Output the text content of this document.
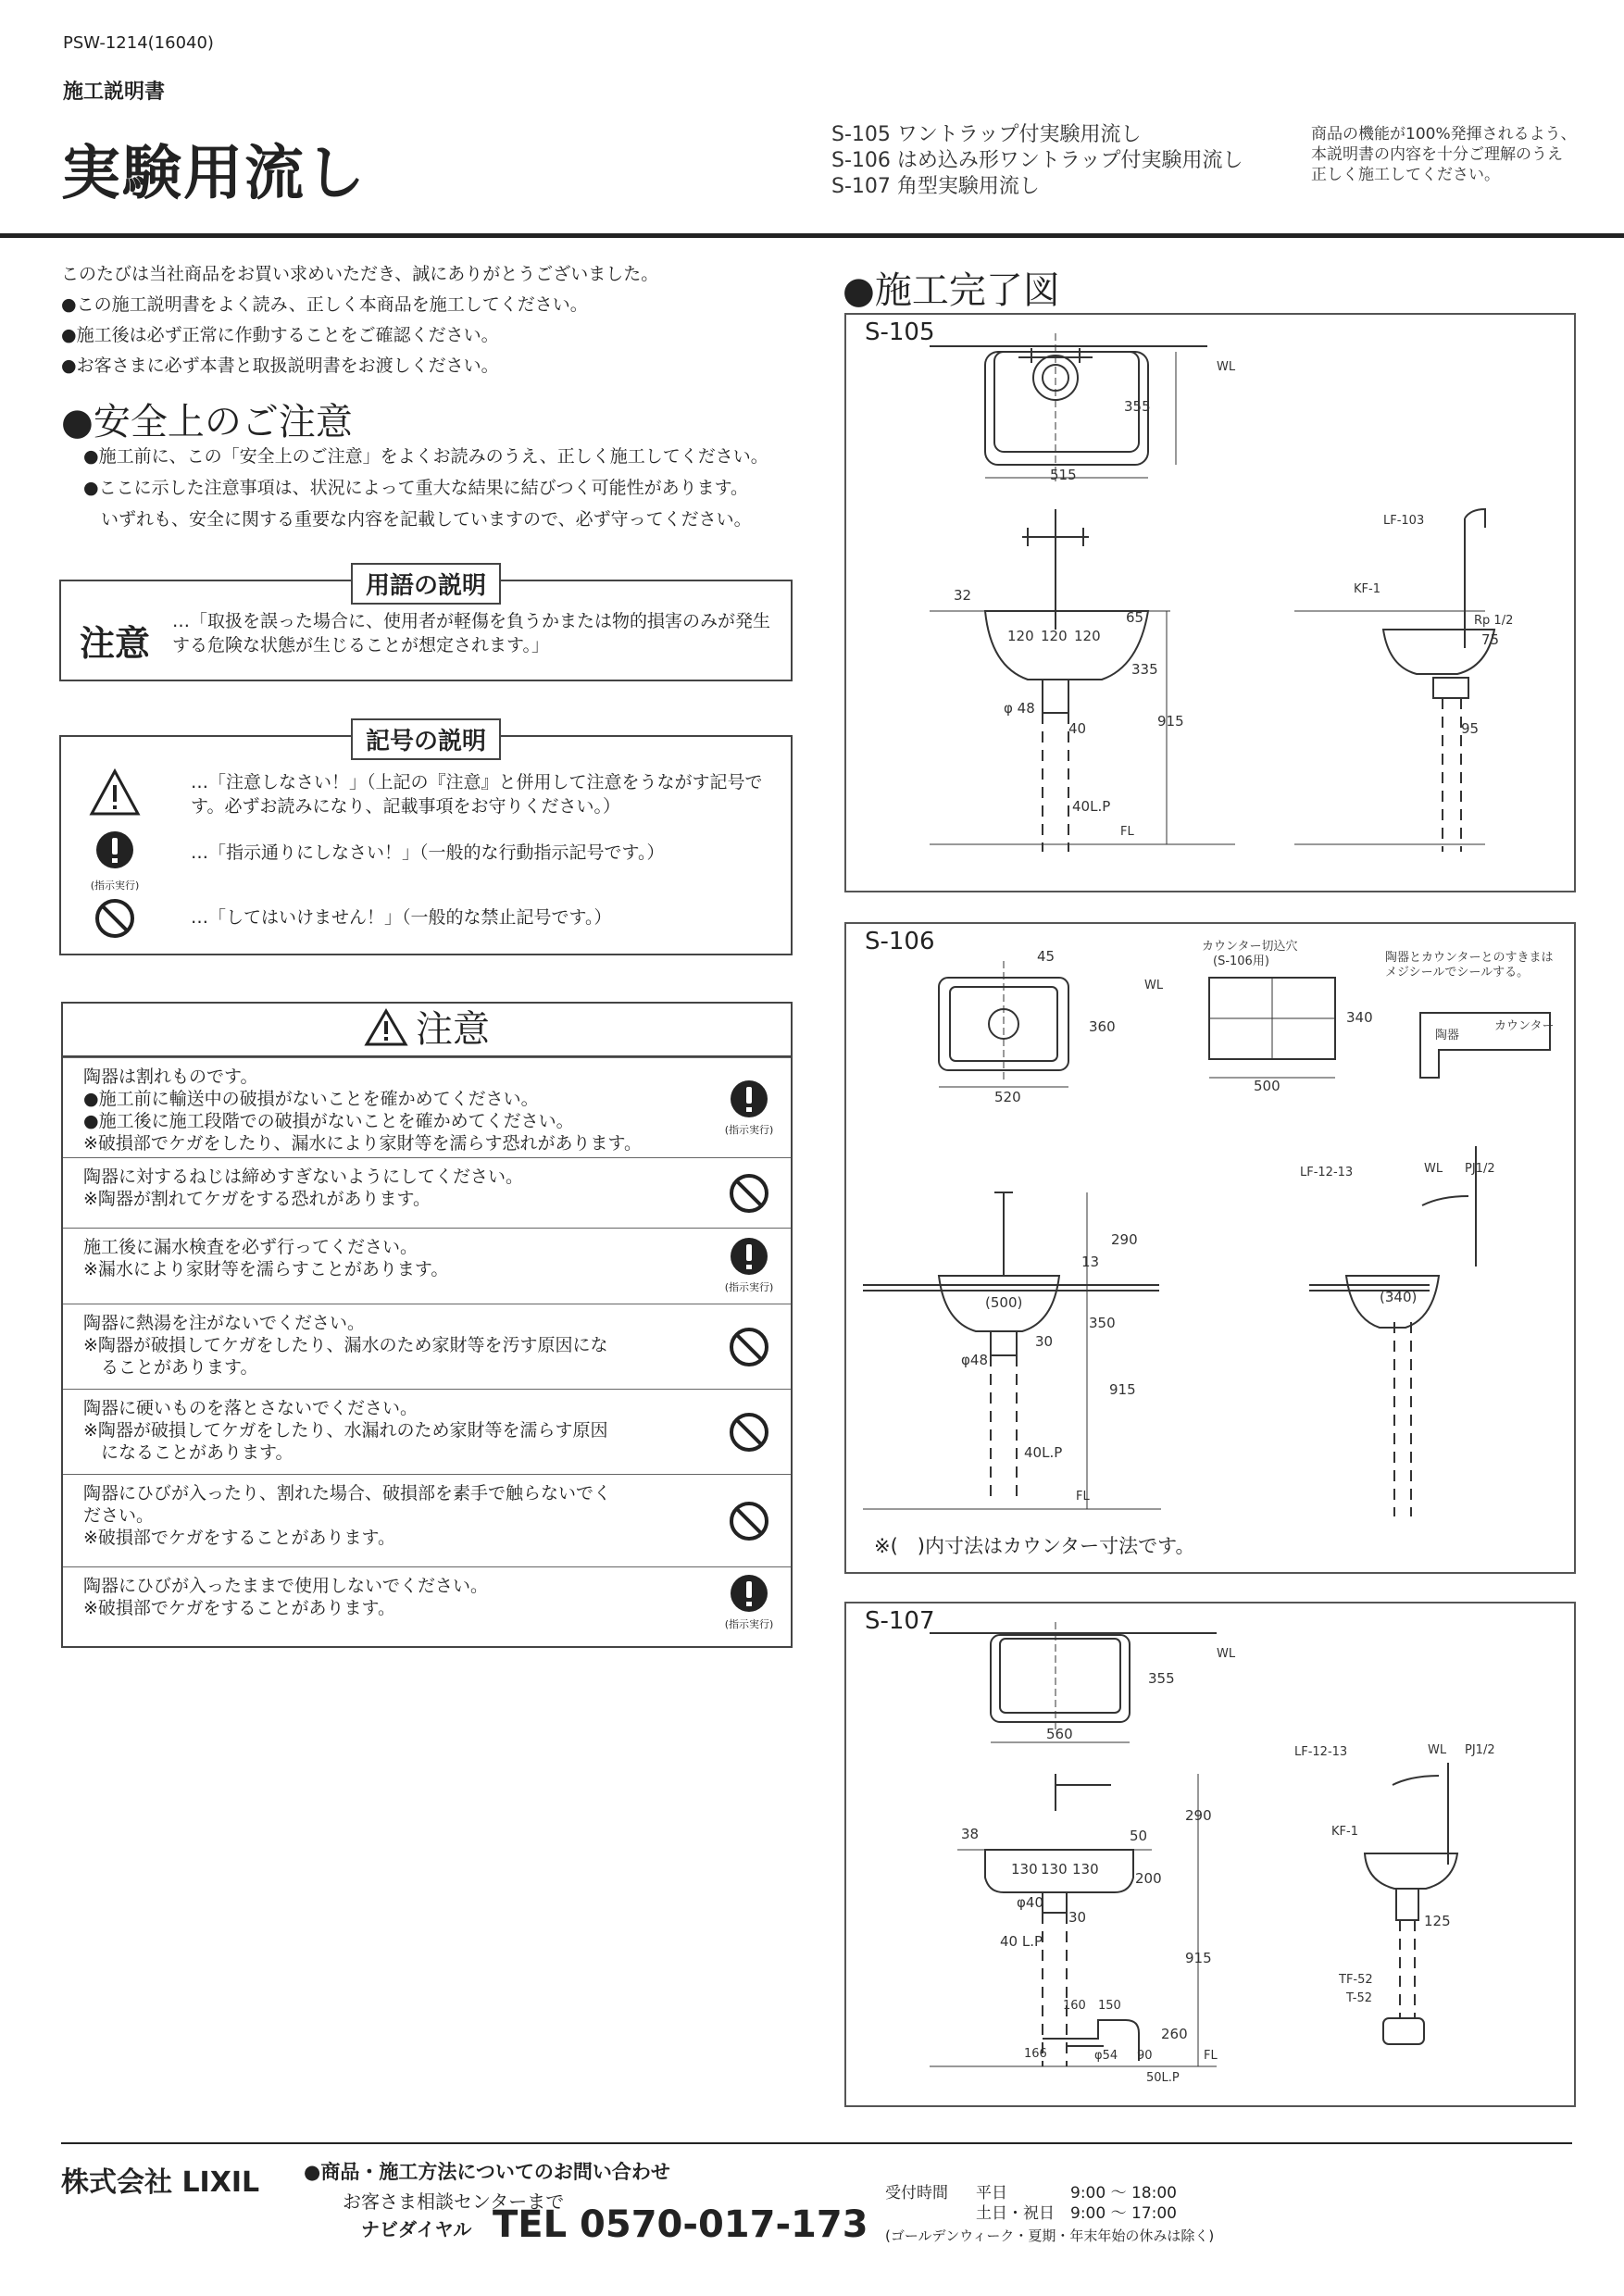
PSW-1214(16040)
施工説明書
実験用流し
S-105 ワントラップ付実験用流し
S-106 はめ込み形ワントラップ付実験用流し
S-107 角型実験用流し
商品の機能が100%発揮されるよう、
本説明書の内容を十分ご理解のうえ
正しく施工してください。
このたびは当社商品をお買い求めいただき、誠にありがとうございました。
●この施工説明書をよく読み、正しく本商品を施工してください。
●施工後は必ず正常に作動することをご確認ください。
●お客さまに必ず本書と取扱説明書をお渡しください。
●安全上のご注意
●施工前に、この「安全上のご注意」をよくお読みのうえ、正しく施工してください。
●ここに示した注意事項は、状況によって重大な結果に結びつく可能性があります。
　いずれも、安全に関する重要な内容を記載していますので、必ず守ってください。
用語の説明
注意
…「取扱を誤った場合に、使用者が軽傷を負うかまたは物的損害のみが発生する危険な状態が生じることが想定されます。」
記号の説明
…「注意しなさい！」（上記の『注意』と併用して注意をうながす記号です。必ずお読みになり、記載事項をお守りください。）
(指示実行)
…「指示通りにしなさい！」（一般的な行動指示記号です。）
…「してはいけません！」（一般的な禁止記号です。）
注意
陶器は割れものです。
●施工前に輸送中の破損がないことを確かめてください。
●施工後に施工段階での破損がないことを確かめてください。
※破損部でケガをしたり、漏水により家財等を濡らす恐れがあります。
(指示実行)
陶器に対するねじは締めすぎないようにしてください。
※陶器が割れてケガをする恐れがあります。
施工後に漏水検査を必ず行ってください。
※漏水により家財等を濡らすことがあります。
(指示実行)
陶器に熱湯を注がないでください。
※陶器が破損してケガをしたり、漏水のため家財等を汚す原因にな
　ることがあります。
陶器に硬いものを落とさないでください。
※陶器が破損してケガをしたり、水漏れのため家財等を濡らす原因
　になることがあります。
陶器にひびが入ったり、割れた場合、破損部を素手で触らないでく
ださい。
※破損部でケガをすることがあります。
陶器にひびが入ったままで使用しないでください。
※破損部でケガをすることがあります。
(指示実行)
●施工完了図
S-105
515
355
WL
32
65
120 120 120
335
915
φ 48
40
40L.P
FL
LF-103
KF-1
Rp 1/2
75
95
S-106
45
WL
360
520
カウンター切込穴
(S-106用)
340
500
陶器とカウンターとのすきまは
メジシールでシールする。
陶器
カウンター
290
13
(500)
350
30
φ48
915
40L.P
FL
LF-12-13	WL PJ1/2
(340)
※(　)内寸法はカウンター寸法です。
S-107
355
WL
560
290
38	50
130 130 130
200
φ40
30
40 L.P
915
160 150
260
166	φ54 90
50L.P
FL
LF-12-13	WL PJ1/2
KF-1
125
TF-52
T-52
株式会社 LIXIL ●商品・施工方法についてのお問い合わせ
お客さま相談センターまで
ナビダイヤル TEL 0570-017-173
受付時間 平日　　　　9:00 〜 18:00
土日・祝日　9:00 〜 17:00
(ゴールデンウィーク・夏期・年末年始の休みは除く)
